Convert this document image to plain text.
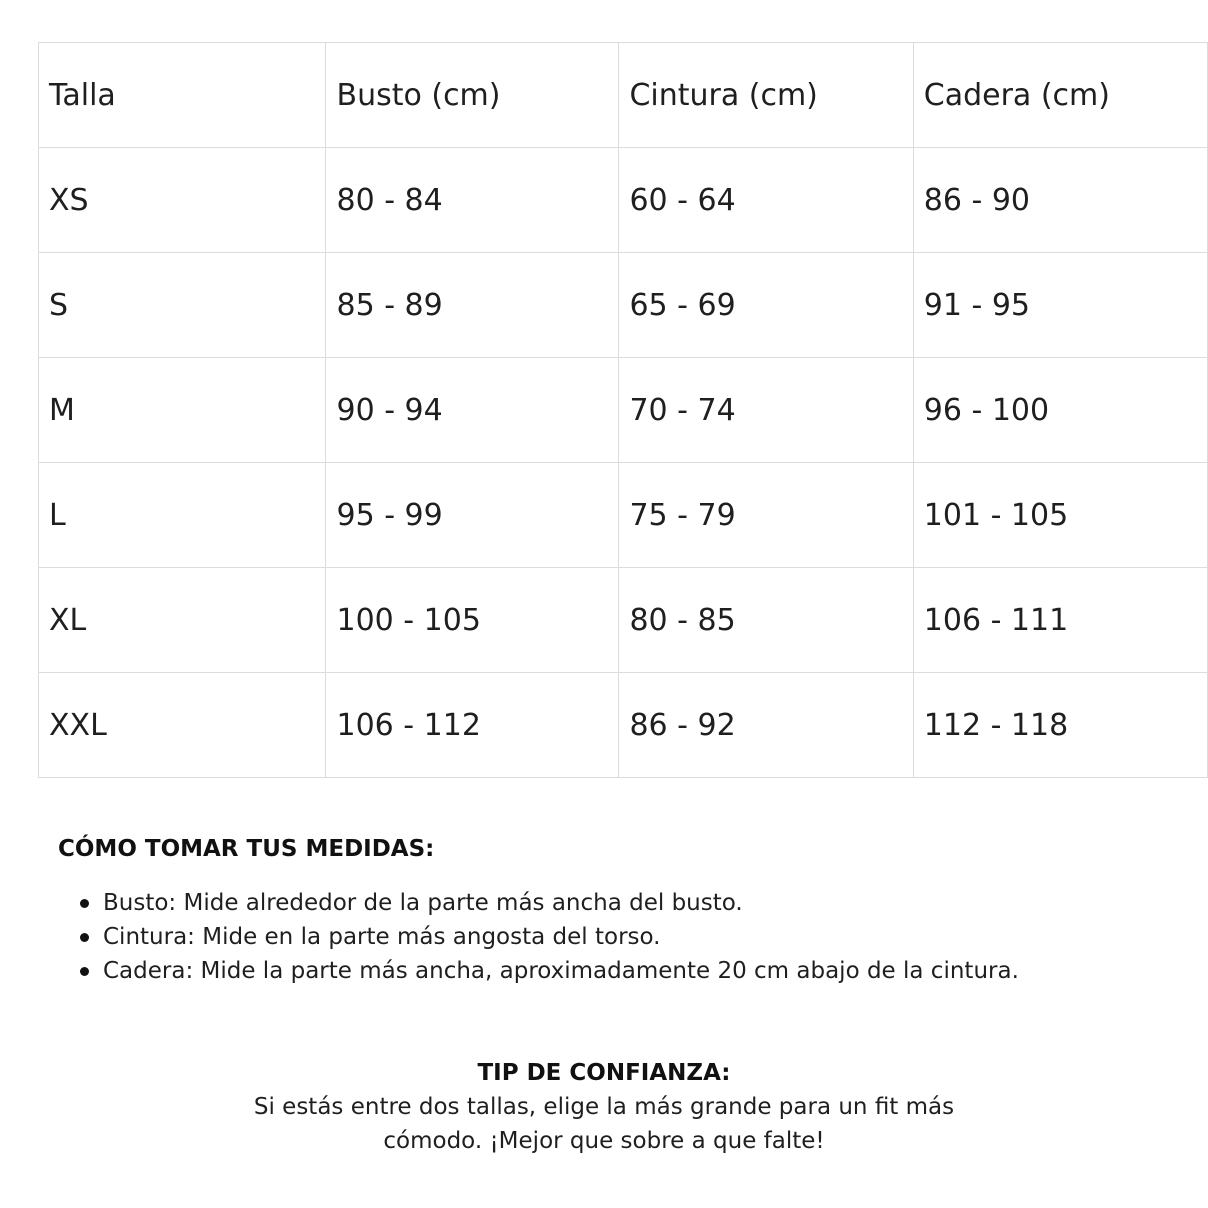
Talla	Busto (cm)	Cintura (cm)	Cadera (cm)
XS	80 - 84	60 - 64	86 - 90
S	85 - 89	65 - 69	91 - 95
M	90 - 94	70 - 74	96 - 100
L	95 - 99	75 - 79	101 - 105
XL	100 - 105	80 - 85	106 - 111
XXL	106 - 112	86 - 92	112 - 118
CÓMO TOMAR TUS MEDIDAS:
Busto: Mide alrededor de la parte más ancha del busto.
Cintura: Mide en la parte más angosta del torso.
Cadera: Mide la parte más ancha, aproximadamente 20 cm abajo de la cintura.
TIP DE CONFIANZA:
Si estás entre dos tallas, elige la más grande para un fit más
cómodo. ¡Mejor que sobre a que falte!
